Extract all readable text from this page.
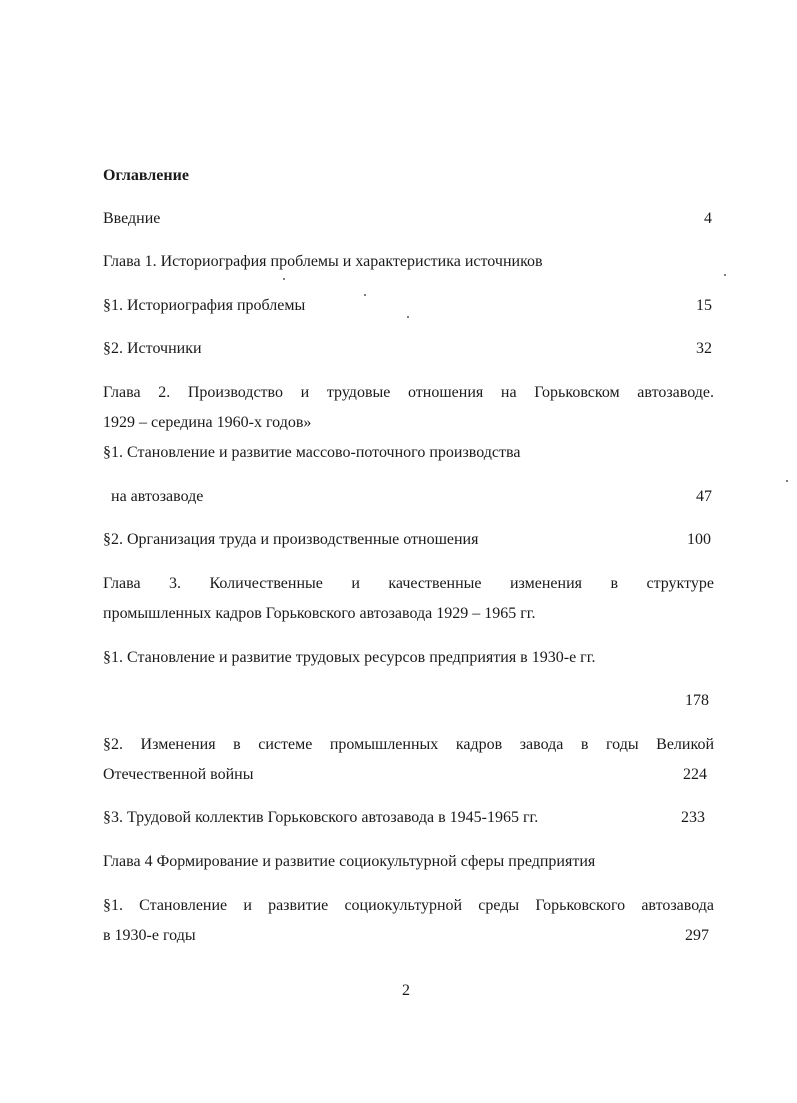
Оглавление
Введние	4
Глава 1. Историография проблемы и характеристика источников
§1. Историография проблемы	15
§2. Источники	32
Глава 2. Производство и трудовые отношения на Горьковском автозаводе.
1929 – середина 1960-х годов»
§1. Становление и развитие массово-поточного производства
на автозаводе	47
§2. Организация труда и производственные отношения	100
Глава 3. Количественные и качественные изменения в структуре
промышленных кадров Горьковского автозавода 1929 – 1965 гг.
§1. Становление и развитие трудовых ресурсов предприятия в 1930-е гг.
178
§2. Изменения в системе промышленных кадров завода в годы Великой
Отечественной войны	224
§3. Трудовой коллектив Горьковского автозавода в 1945-1965 гг.	233
Глава 4 Формирование и развитие социокультурной сферы предприятия
§1. Становление и развитие социокультурной среды Горьковского автозавода
в 1930-е годы	297
2
